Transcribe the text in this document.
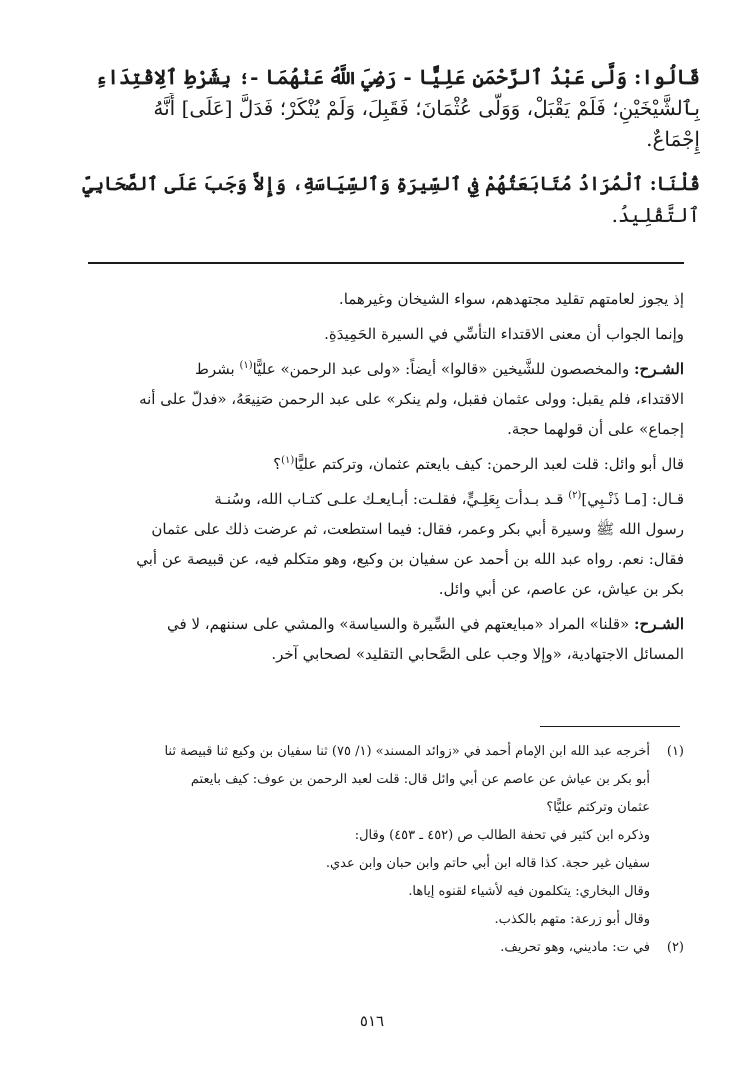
قَالُوا: وَلَّى عَبْدُ ٱلرَّحْمَنِ عَلِيًّا - رَضِيَ اللَّهُ عَنْهُمَا -؛ بِشَرْطِ ٱلِاقْتِدَاءِ
بِٱلشَّيْخَيْنِ؛ فَلَمْ يَقْبَلْ، وَوَلَّى عُثْمَانَ؛ فَقَبِلَ، وَلَمْ يُنْكَرْ؛ فَدَلَّ [عَلَى] أَنَّهُ
إِجْمَاعٌ.
قُلْنَا: ٱلْمُرَادُ مُتَابَعَتُهُمْ فِي ٱلسِّيرَةِ وَٱلسِّيَاسَةِ، وَإِلاَّ وَجَبَ عَلَى ٱلصَّحَابِيِّ
ٱلتَّقْلِيدُ.
إذ يجوز لعامتهم تقليد مجتهدهم، سواء الشيخان وغيرهما.
وإنما الجواب أن معنى الاقتداء التأسِّي في السيرة الحَمِيدَةِ.
الشـرح: والمخصصون للشَّيخين «قالوا» أيضاً: «ولى عبد الرحمن» عليًّا$^{(١)}$ بشرط
الاقتداء، فلم يقبل: وولى عثمان فقبل، ولم ينكر» على عبد الرحمن صَنِيعَهُ، «فدلّ على أنه
إجماع» على أن قولهما حجة.
قال أبو وائل: قلت لعبد الرحمن: كيف بايعتم عثمان، وتركتم عليًّا$^{(١)}$؟
قـال: [مـا ذَنْـبِي]$^{(٢)}$ قـد بـدأت بِعَلِـيٍّ، فقلـت: أبـايعـك علـى كتـاب الله، وسُنـة
رسول الله ﷺ وسيرة أبي بكر وعمر، فقال: فيما استطعت، ثم عرضت ذلك على عثمان
فقال: نعم. رواه عبد الله بن أحمد عن سفيان بن وكيع، وهو متكلم فيه، عن قبيصة عن أبي
بكر بن عياش، عن عاصم، عن أبي وائل.
الشـرح: «قلنا» المراد «مبايعتهم في السِّيرة والسياسة» والمشي على سننهم، لا في
المسائل الاجتهادية، «وإلا وجب على الصَّحابي التقليد» لصحابي آخر.
(١)
أخرجه عبد الله ابن الإمام أحمد في «زوائد المسند» (١/ ٧٥) ثنا سفيان بن وكيع ثنا قبيصة ثنا
أبو بكر بن عياش عن عاصم عن أبي وائل قال: قلت لعبد الرحمن بن عوف: كيف بايعتم
عثمان وتركتم عليًّا؟
وذكره ابن كثير في تحفة الطالب ص (٤٥٢ ـ ٤٥٣) وقال:
سفيان غير حجة. كذا قاله ابن أبي حاتم وابن حبان وابن عدي.
وقال البخاري: يتكلمون فيه لأشياء لقنوه إياها.
وقال أبو زرعة: متهم بالكذب.
(٢)
في ت: ماديني، وهو تحريف.
٥١٦
